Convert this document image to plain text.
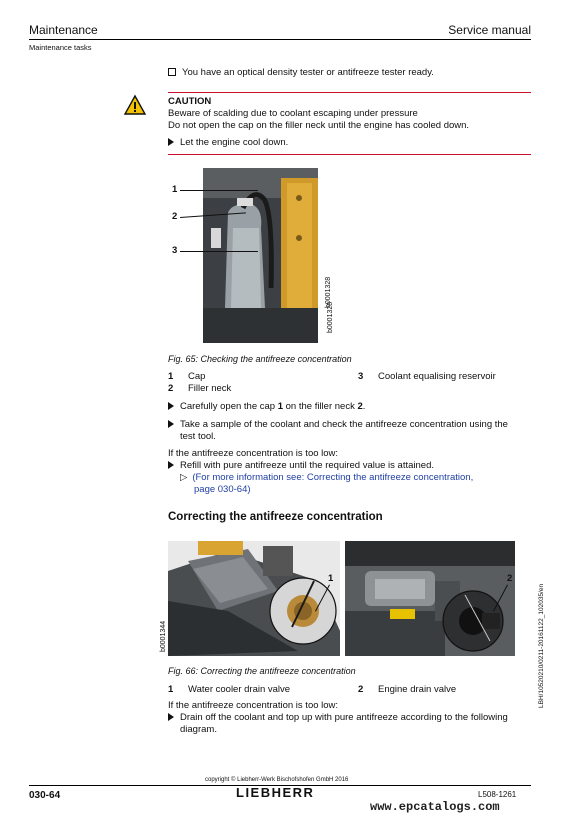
Maintenance	Service manual
Maintenance tasks
You have an optical density tester or antifreeze tester ready.
CAUTION
Beware of scalding due to coolant escaping under pressure
Do not open the cap on the filler neck until the engine has cooled down.
Let the engine cool down.
b0001328
b0001328
1
2
3
Fig. 65: Checking the antifreeze concentration
1 Cap
2 Filler neck
3 Coolant equalising reservoir
Carefully open the cap 1 on the filler neck 2.
Take a sample of the coolant and check the antifreeze concentration using the
test tool.
If the antifreeze concentration is too low:
Refill with pure antifreeze until the required value is attained.
▷ (For more information see: Correcting the antifreeze concentration,
page 030-64)
Correcting the antifreeze concentration
b0001344
1	2
LBH/10520210/0211-20161122_102035/en
Fig. 66: Correcting the antifreeze concentration
1 Water cooler drain valve	2 Engine drain valve
If the antifreeze concentration is too low:
Drain off the coolant and top up with pure antifreeze according to the following
diagram.
copyright © Liebherr-Werk Bischofshofen GmbH 2016
030-64	LIEBHERR	L508-1261
www.epcatalogs.com
